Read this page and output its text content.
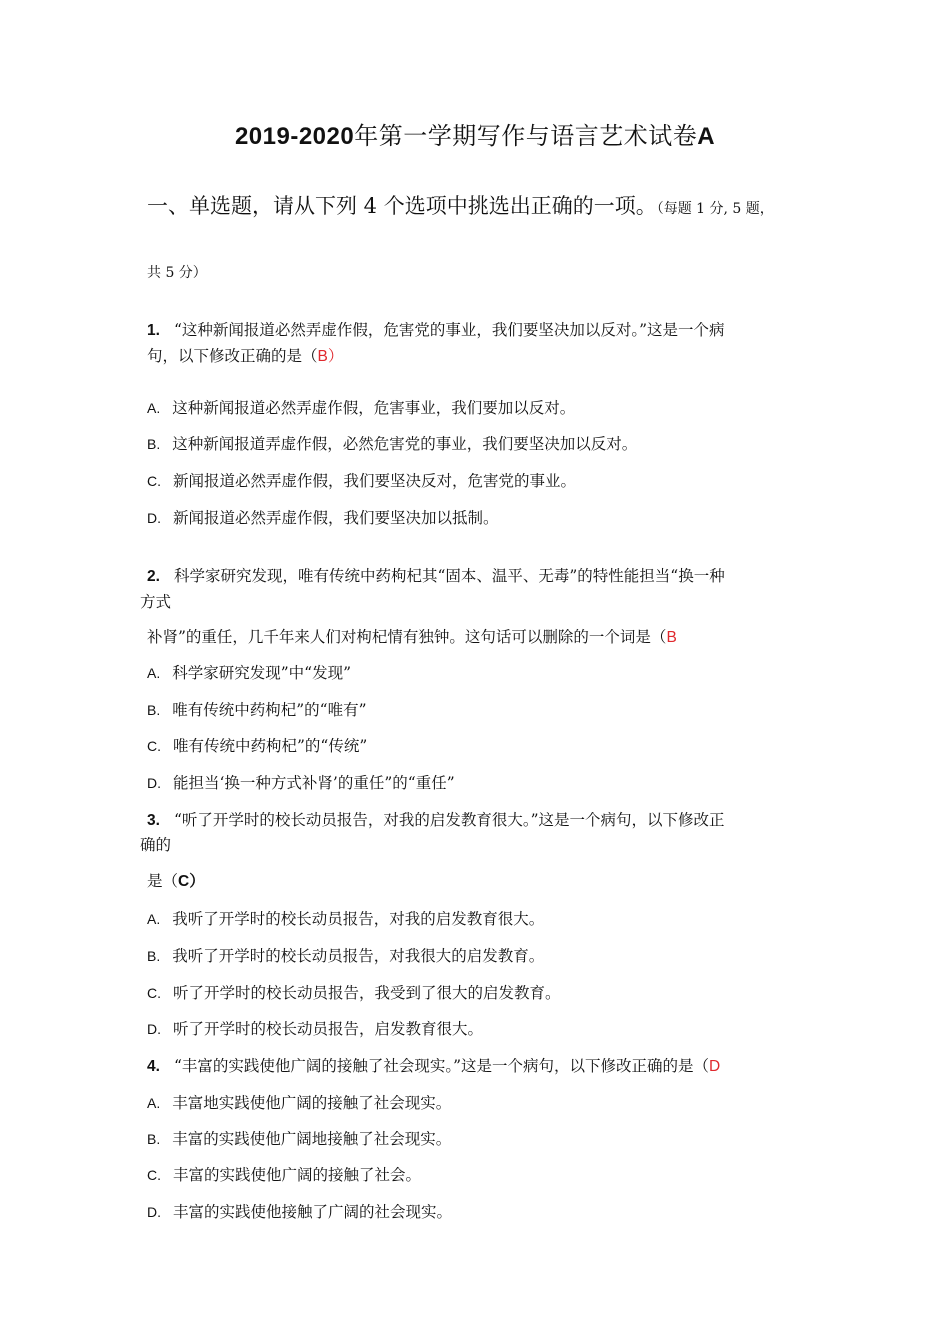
2019-2020年第一学期写作与语言艺术试卷A
一、单选题，请从下列 4 个选项中挑选出正确的一项。（每题 1 分, 5 题，
共 5 分）
1. “这种新闻报道必然弄虚作假，危害党的事业，我们要坚决加以反对。”这是一个病
句，以下修改正确的是（B）
A. 这种新闻报道必然弄虚作假，危害事业，我们要加以反对。
B. 这种新闻报道弄虚作假，必然危害党的事业，我们要坚决加以反对。
C. 新闻报道必然弄虚作假，我们要坚决反对，危害党的事业。
D. 新闻报道必然弄虚作假，我们要坚决加以抵制。
2. 科学家研究发现，唯有传统中药枸杞其“固本、温平、无毒”的特性能担当“换一种
方式
补肾”的重任，几千年来人们对枸杞情有独钟。这句话可以删除的一个词是（B
A. 科学家研究发现”中“发现”
B. 唯有传统中药枸杞”的“唯有”
C. 唯有传统中药枸杞”的“传统”
D. 能担当‘换一种方式补肾’的重任”的“重任”
3. “听了开学时的校长动员报告，对我的启发教育很大。”这是一个病句，以下修改正
确的
是（C）
A. 我听了开学时的校长动员报告，对我的启发教育很大。
B. 我听了开学时的校长动员报告，对我很大的启发教育。
C. 听了开学时的校长动员报告，我受到了很大的启发教育。
D. 听了开学时的校长动员报告，启发教育很大。
4. “丰富的实践使他广阔的接触了社会现实。”这是一个病句，以下修改正确的是（D
A. 丰富地实践使他广阔的接触了社会现实。
B. 丰富的实践使他广阔地接触了社会现实。
C. 丰富的实践使他广阔的接触了社会。
D. 丰富的实践使他接触了广阔的社会现实。
